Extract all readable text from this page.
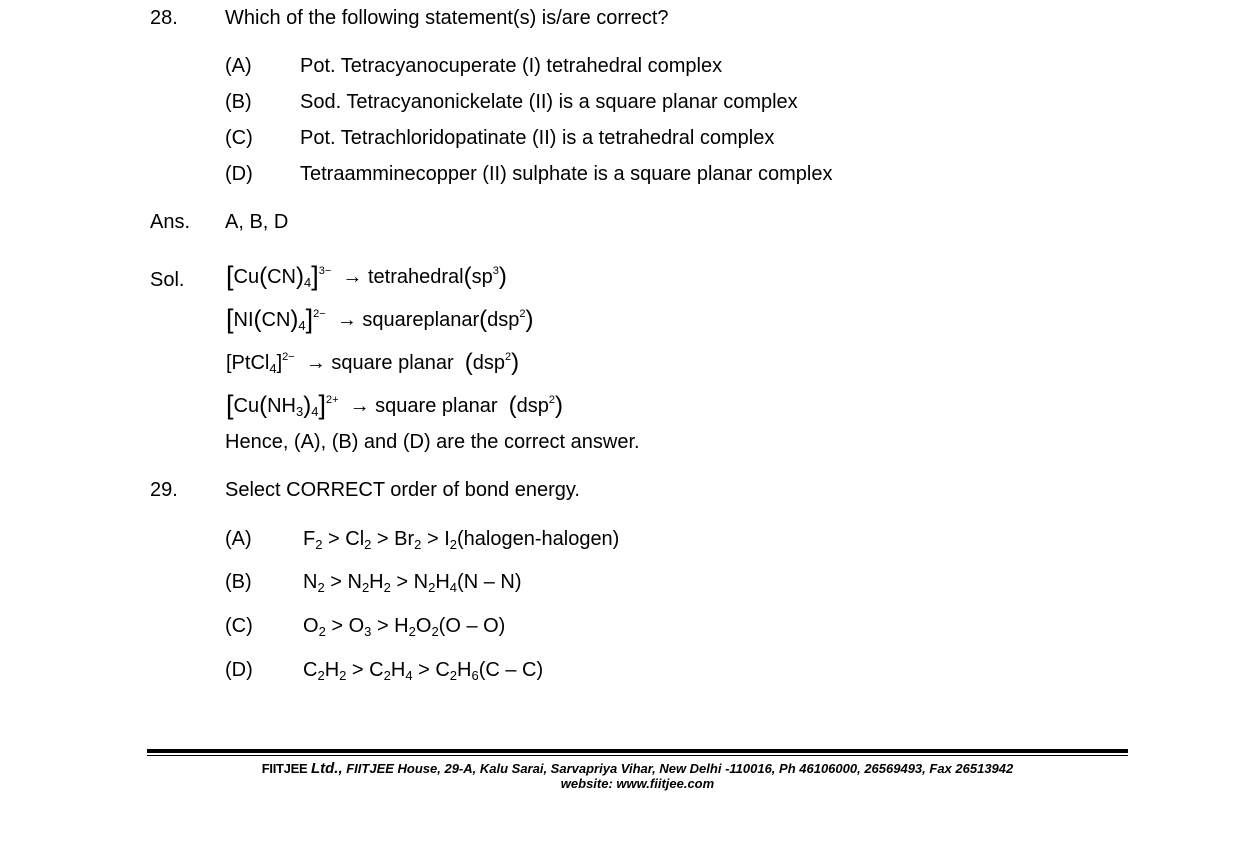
28. Which of the following statement(s) is/are correct?
(A) Pot. Tetracyanocuperate (I) tetrahedral complex
(B) Sod. Tetracyanonickelate (II) is a square planar complex
(C) Pot. Tetrachloridopatinate (II) is a tetrahedral complex
(D) Tetraamminecopper (II) sulphate is a square planar complex
Ans. A, B, D
Sol. $[Cu(CN)_4]^{3-}$  → $tetrahedral(sp^3)$
$[NI(CN)_4]^{2-}$  → squareplanar(dsp$^2$)
[PtCl$_4$]$^{2-}$  → square planar  (dsp$^2$)
$[Cu(NH_3)_4]^{2+}$  → square planar  (dsp$^2$)
Hence, (A), (B) and (D) are the correct answer.
29. Select CORRECT order of bond energy.
(A)	$F_2 > Cl_2 > Br_2$ > $I_2(halogen-halogen)$
(B)	$N_2 > N_2H_2 > N_2H_4(N - N)$
(C)	$O_2 > O_3 > H_2O_2(O - O)$
(D)	$C_2H_2 > C_2H_4 > C_2H_6(C - C)$
FIITJEE Ltd., FIITJEE House, 29-A, Kalu Sarai, Sarvapriya Vihar, New Delhi -110016, Ph 46106000, 26569493, Fax 26513942
website: www.fiitjee.com
